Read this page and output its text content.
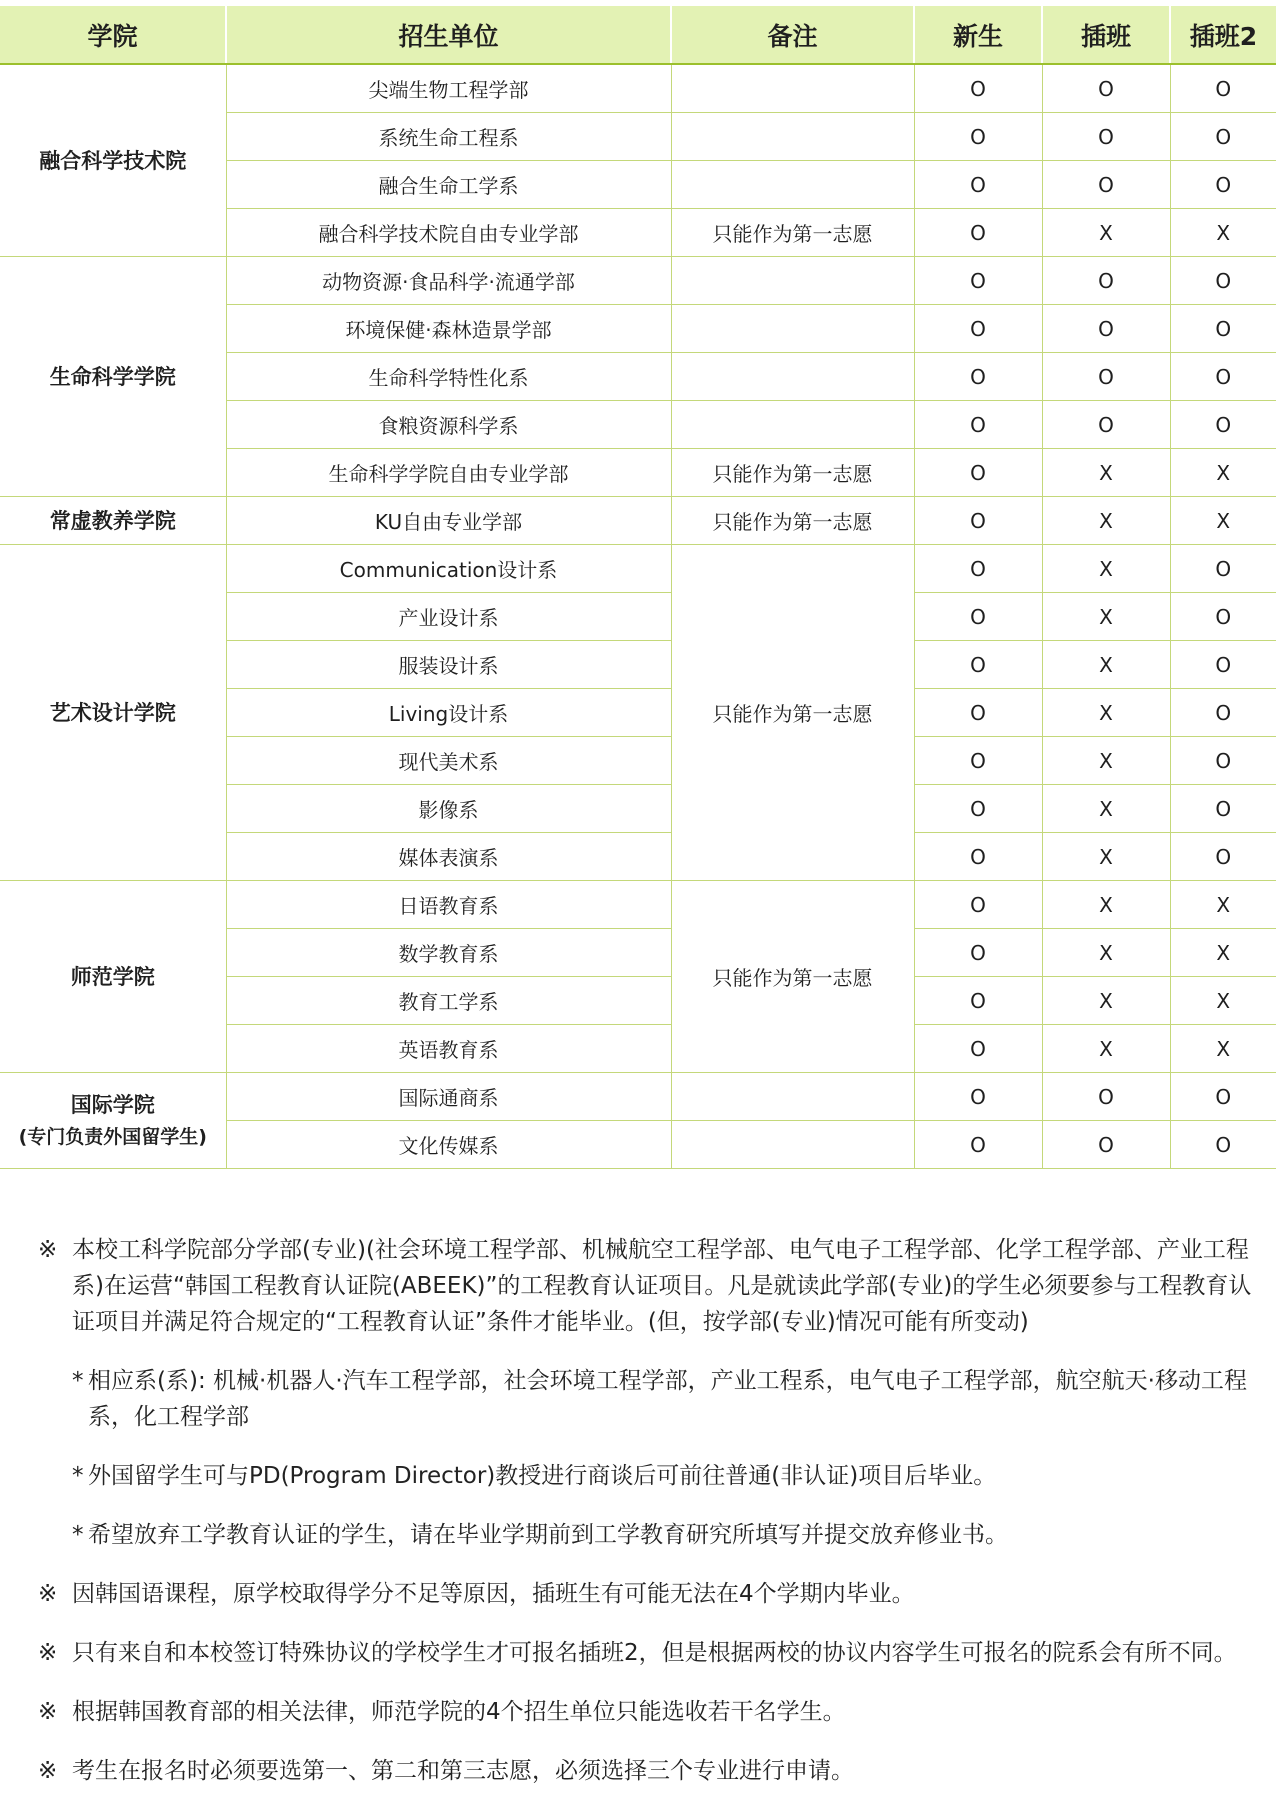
学院	招生单位	备注	新生	插班	插班2
融合科学技术院	尖端生物工程学部		O	O	O
	系统生命工程系		O	O	O
	融合生命工学系		O	O	O
	融合科学技术院自由专业学部	只能作为第一志愿	O	X	X
生命科学学院	动物资源·食品科学·流通学部		O	O	O
	环境保健·森林造景学部		O	O	O
	生命科学特性化系		O	O	O
	食粮资源科学系		O	O	O
	生命科学学院自由专业学部	只能作为第一志愿	O	X	X
常虚教养学院	KU自由专业学部	只能作为第一志愿	O	X	X
艺术设计学院	Communication设计系	只能作为第一志愿	O	X	O
	产业设计系		O	X	O
	服装设计系		O	X	O
	Living设计系		O	X	O
	现代美术系		O	X	O
	影像系		O	X	O
	媒体表演系		O	X	O
师范学院	日语教育系	只能作为第一志愿	O	X	X
	数学教育系		O	X	X
	教育工学系		O	X	X
	英语教育系		O	X	X
国际学院
(专门负责外国留学生)	国际通商系		O	O	O
	文化传媒系		O	O	O
※ 本校工科学院部分学部(专业)(社会环境工程学部、机械航空工程学部、电气电子工程学部、化学工程学部、产业工程系)在运营“韩国工程教育认证院(ABEEK)”的工程教育认证项目。凡是就读此学部(专业)的学生必须要参与工程教育认证项目并满足符合规定的“工程教育认证”条件才能毕业。(但，按学部(专业)情况可能有所变动)
* 相应系(系): 机械·机器人·汽车工程学部，社会环境工程学部，产业工程系，电气电子工程学部，航空航天·移动工程系，化工程学部
* 外国留学生可与PD(Program Director)教授进行商谈后可前往普通(非认证)项目后毕业。
* 希望放弃工学教育认证的学生，请在毕业学期前到工学教育研究所填写并提交放弃修业书。
※ 因韩国语课程，原学校取得学分不足等原因，插班生有可能无法在4个学期内毕业。
※ 只有来自和本校签订特殊协议的学校学生才可报名插班2，但是根据两校的协议内容学生可报名的院系会有所不同。
※ 根据韩国教育部的相关法律，师范学院的4个招生单位只能选收若干名学生。
※ 考生在报名时必须要选第一、第二和第三志愿，必须选择三个专业进行申请。
